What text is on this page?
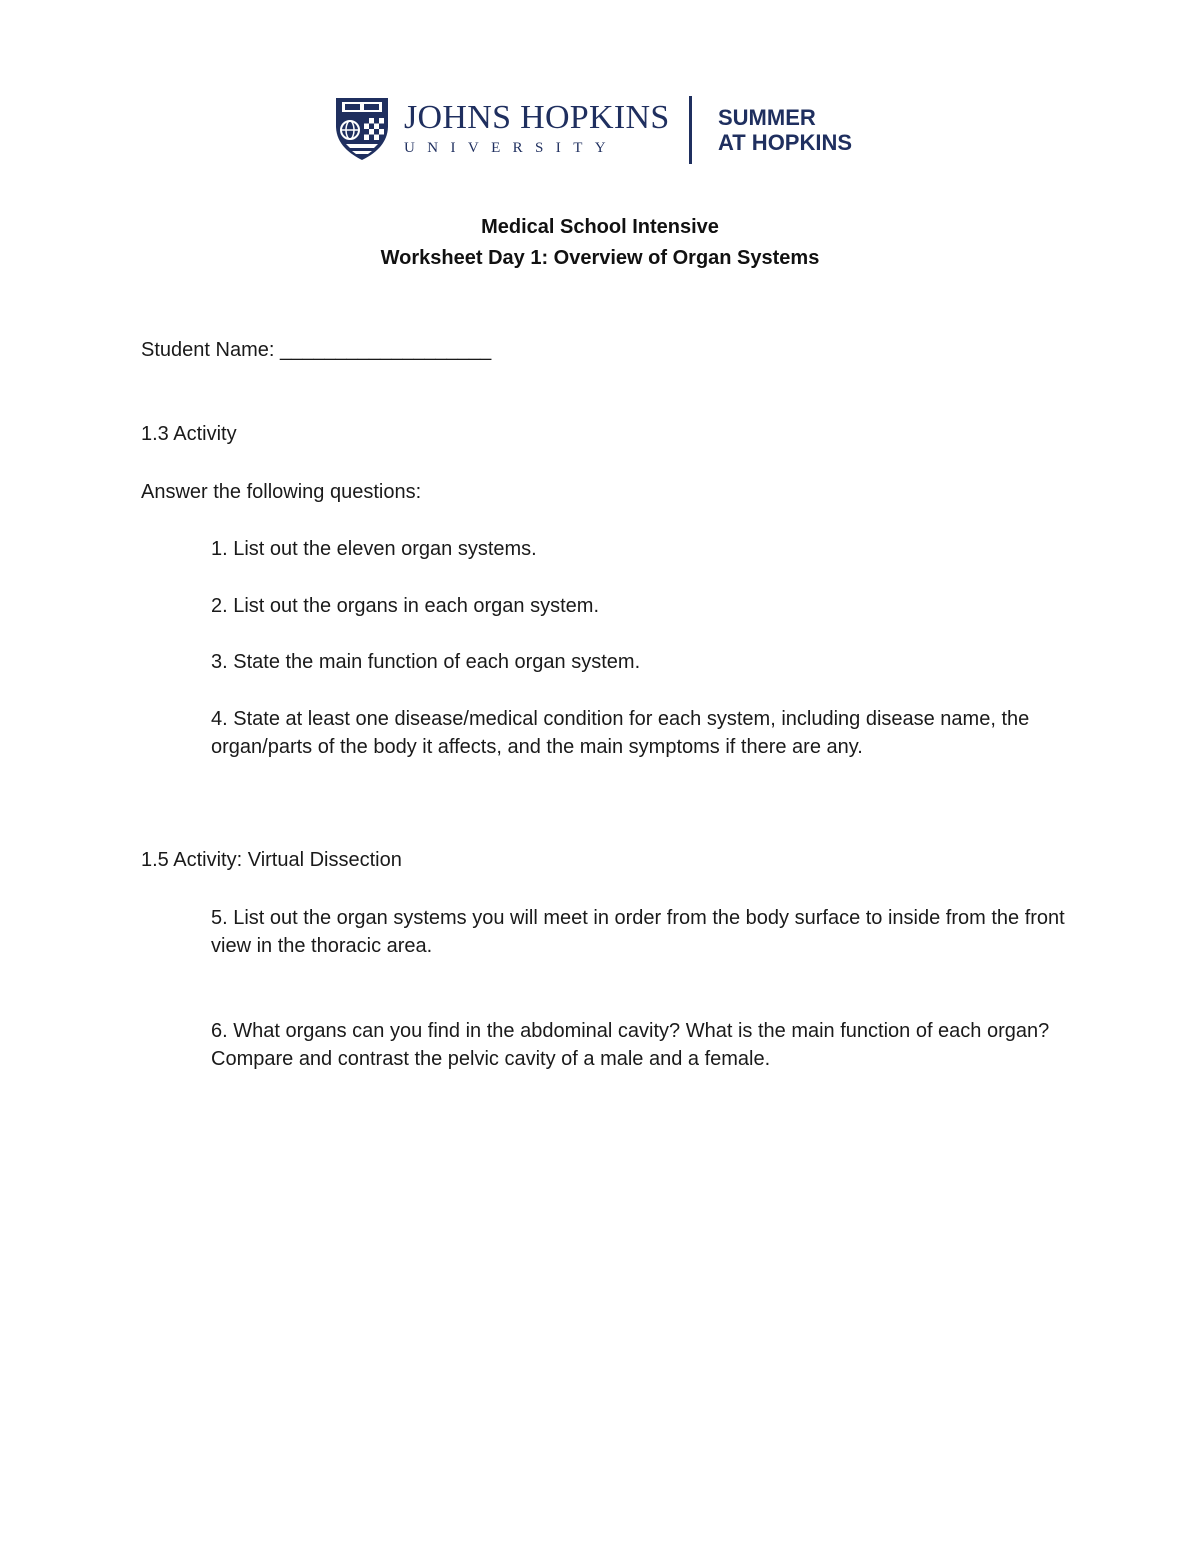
JOHNS HOPKINS
UNIVERSITY
SUMMER
AT HOPKINS
Medical School Intensive
Worksheet Day 1: Overview of Organ Systems
Student Name: ___________________
1.3 Activity
Answer the following questions:
1. List out the eleven organ systems.
2. List out the organs in each organ system.
3. State the main function of each organ system.
4. State at least one disease/medical condition for each system, including disease name, the organ/parts of the body it affects, and the main symptoms if there are any.
1.5 Activity: Virtual Dissection
5. List out the organ systems you will meet in order from the body surface to inside from the front view in the thoracic area.
6. What organs can you find in the abdominal cavity? What is the main function of each organ? Compare and contrast the pelvic cavity of a male and a female.
